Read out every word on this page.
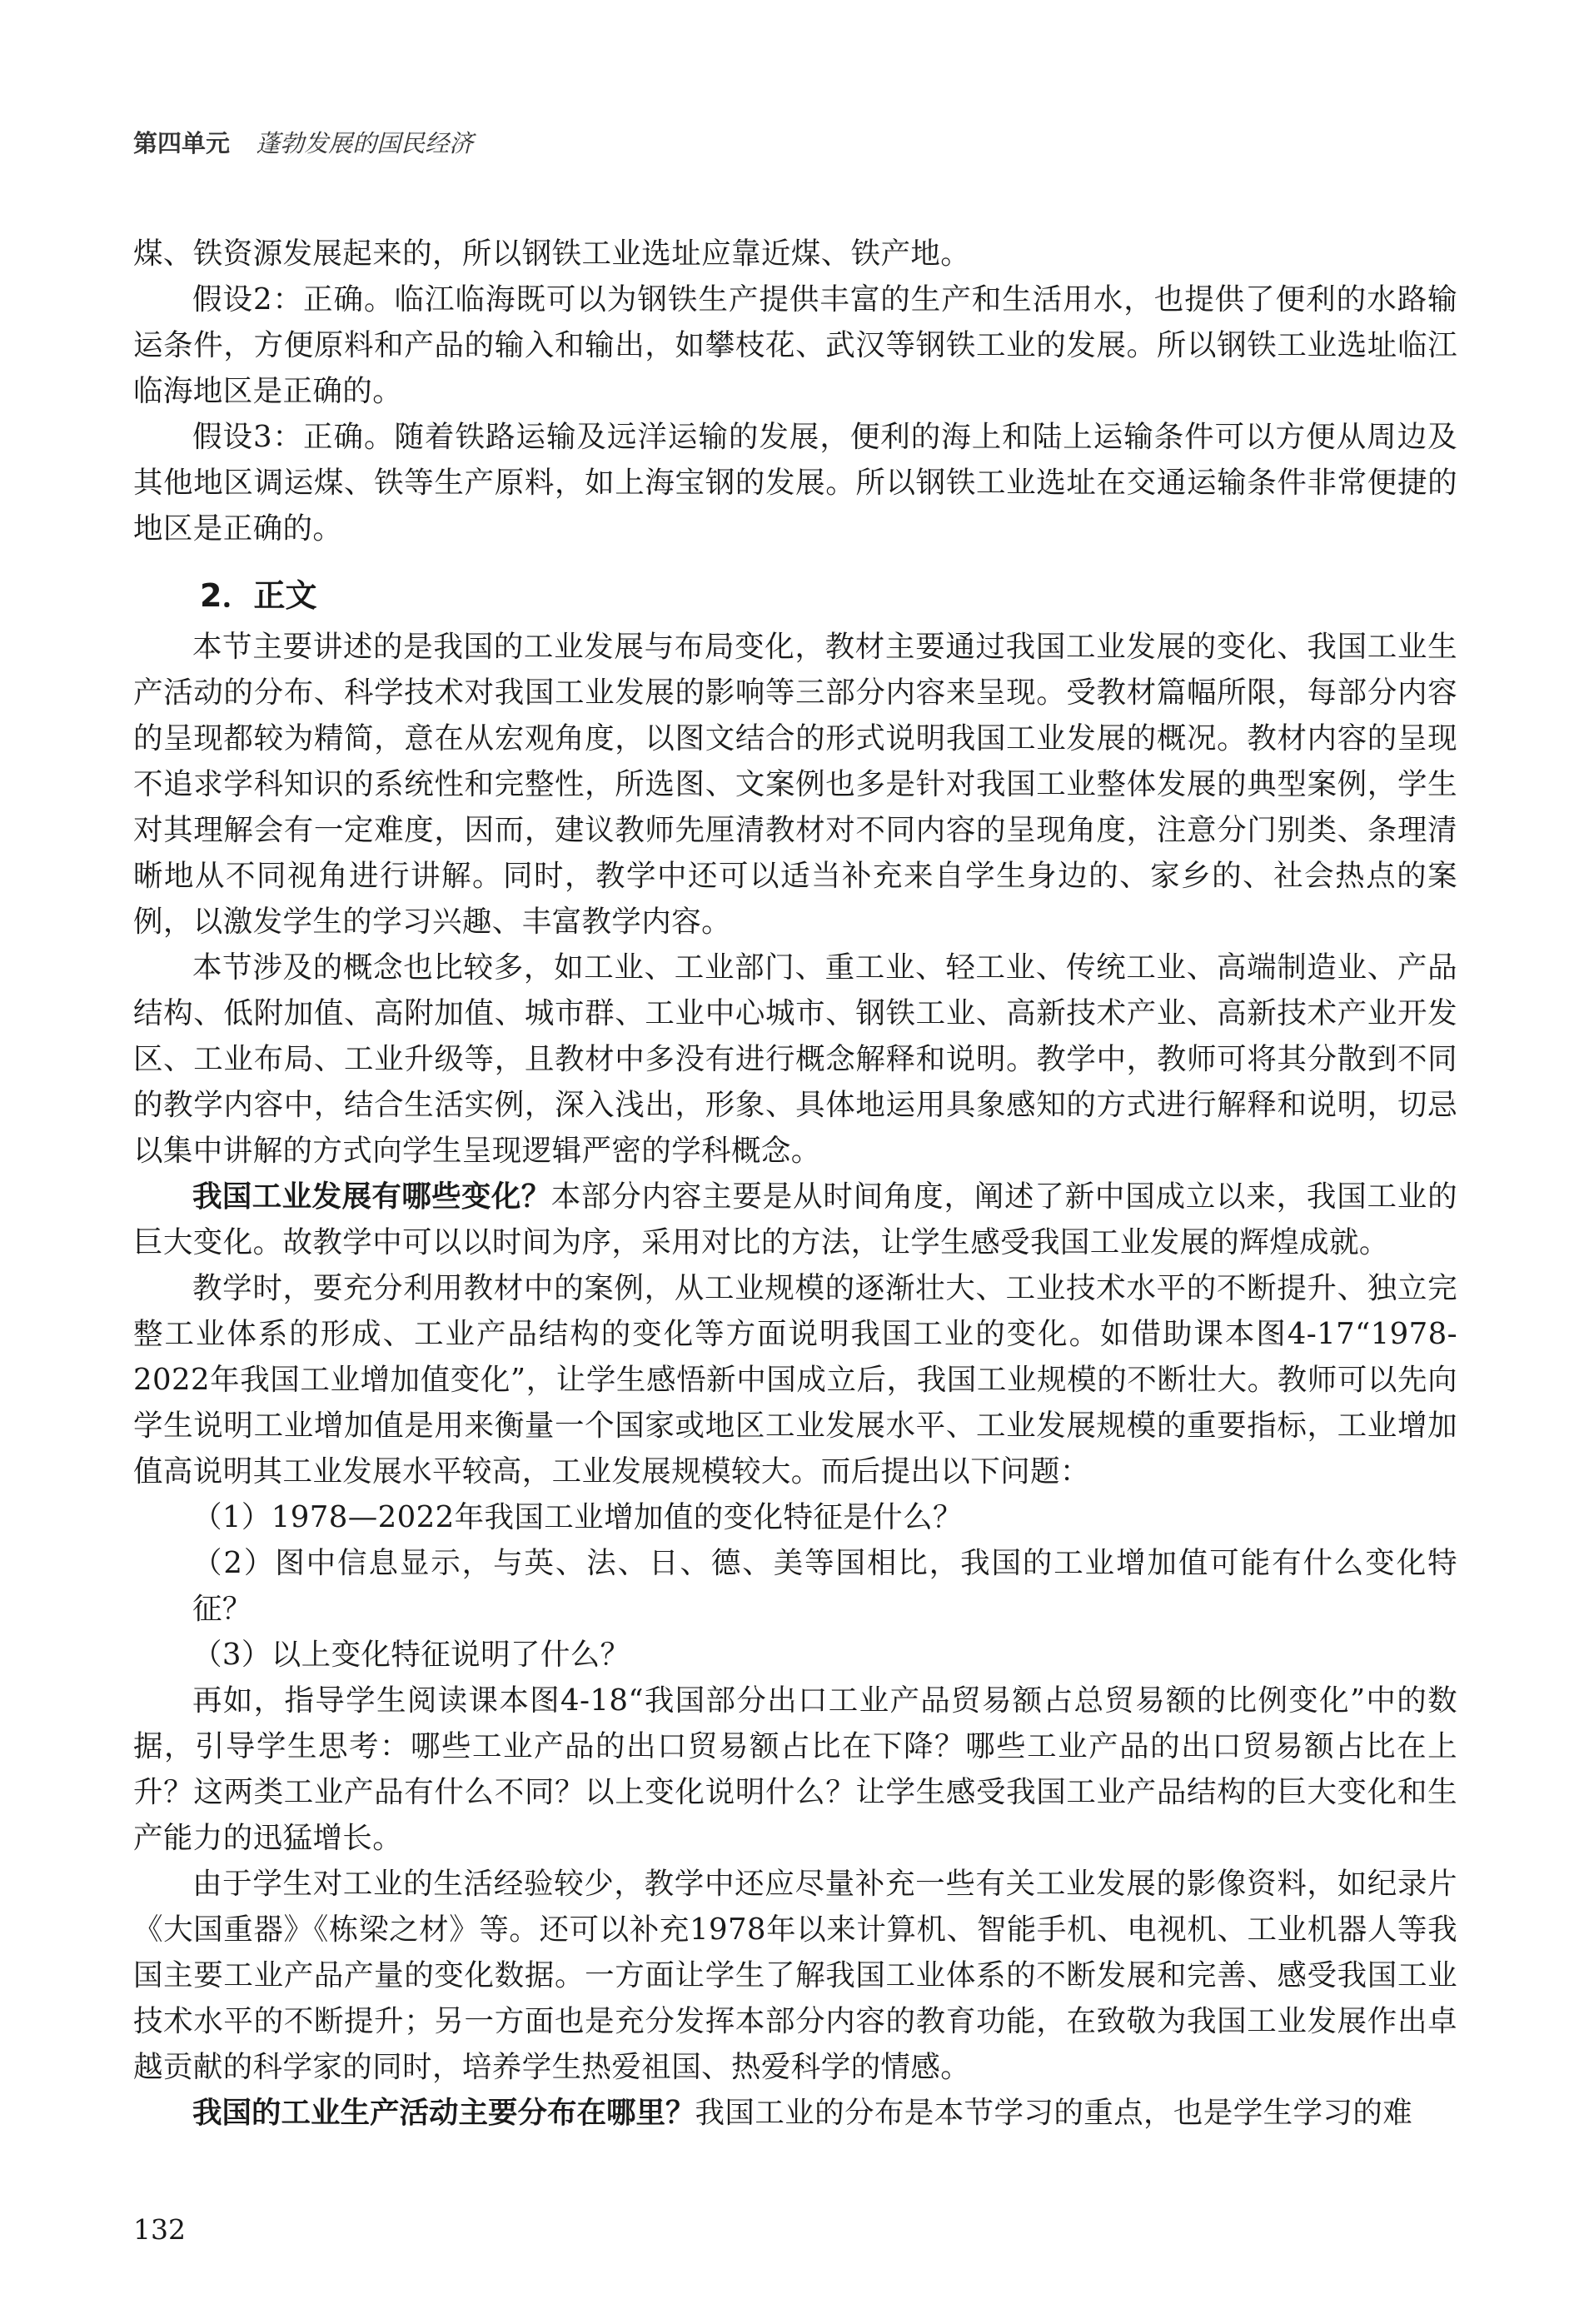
第四单元 蓬勃发展的国民经济

煤、铁资源发展起来的，所以钢铁工业选址应靠近煤、铁产地。

假设2：正确。临江临海既可以为钢铁生产提供丰富的生产和生活用水，也提供了便利的水路输运条件，方便原料和产品的输入和输出，如攀枝花、武汉等钢铁工业的发展。所以钢铁工业选址临江临海地区是正确的。

假设3：正确。随着铁路运输及远洋运输的发展，便利的海上和陆上运输条件可以方便从周边及其他地区调运煤、铁等生产原料，如上海宝钢的发展。所以钢铁工业选址在交通运输条件非常便捷的地区是正确的。

2．正文

本节主要讲述的是我国的工业发展与布局变化，教材主要通过我国工业发展的变化、我国工业生产活动的分布、科学技术对我国工业发展的影响等三部分内容来呈现。受教材篇幅所限，每部分内容的呈现都较为精简，意在从宏观角度，以图文结合的形式说明我国工业发展的概况。教材内容的呈现不追求学科知识的系统性和完整性，所选图、文案例也多是针对我国工业整体发展的典型案例，学生对其理解会有一定难度，因而，建议教师先厘清教材对不同内容的呈现角度，注意分门别类、条理清晰地从不同视角进行讲解。同时，教学中还可以适当补充来自学生身边的、家乡的、社会热点的案例，以激发学生的学习兴趣、丰富教学内容。

本节涉及的概念也比较多，如工业、工业部门、重工业、轻工业、传统工业、高端制造业、产品结构、低附加值、高附加值、城市群、工业中心城市、钢铁工业、高新技术产业、高新技术产业开发区、工业布局、工业升级等，且教材中多没有进行概念解释和说明。教学中，教师可将其分散到不同的教学内容中，结合生活实例，深入浅出，形象、具体地运用具象感知的方式进行解释和说明，切忌以集中讲解的方式向学生呈现逻辑严密的学科概念。

我国工业发展有哪些变化？本部分内容主要是从时间角度，阐述了新中国成立以来，我国工业的巨大变化。故教学中可以以时间为序，采用对比的方法，让学生感受我国工业发展的辉煌成就。

教学时，要充分利用教材中的案例，从工业规模的逐渐壮大、工业技术水平的不断提升、独立完整工业体系的形成、工业产品结构的变化等方面说明我国工业的变化。如借助课本图4-17“1978-2022年我国工业增加值变化”，让学生感悟新中国成立后，我国工业规模的不断壮大。教师可以先向学生说明工业增加值是用来衡量一个国家或地区工业发展水平、工业发展规模的重要指标，工业增加值高说明其工业发展水平较高，工业发展规模较大。而后提出以下问题：

（1）1978—2022年我国工业增加值的变化特征是什么？

（2）图中信息显示，与英、法、日、德、美等国相比，我国的工业增加值可能有什么变化特征？

（3）以上变化特征说明了什么？

再如，指导学生阅读课本图4-18“我国部分出口工业产品贸易额占总贸易额的比例变化”中的数据，引导学生思考：哪些工业产品的出口贸易额占比在下降？哪些工业产品的出口贸易额占比在上升？这两类工业产品有什么不同？以上变化说明什么？让学生感受我国工业产品结构的巨大变化和生产能力的迅猛增长。

由于学生对工业的生活经验较少，教学中还应尽量补充一些有关工业发展的影像资料，如纪录片《大国重器》《栋梁之材》等。还可以补充1978年以来计算机、智能手机、电视机、工业机器人等我国主要工业产品产量的变化数据。一方面让学生了解我国工业体系的不断发展和完善、感受我国工业技术水平的不断提升；另一方面也是充分发挥本部分内容的教育功能，在致敬为我国工业发展作出卓越贡献的科学家的同时，培养学生热爱祖国、热爱科学的情感。

我国的工业生产活动主要分布在哪里？我国工业的分布是本节学习的重点，也是学生学习的难

132
